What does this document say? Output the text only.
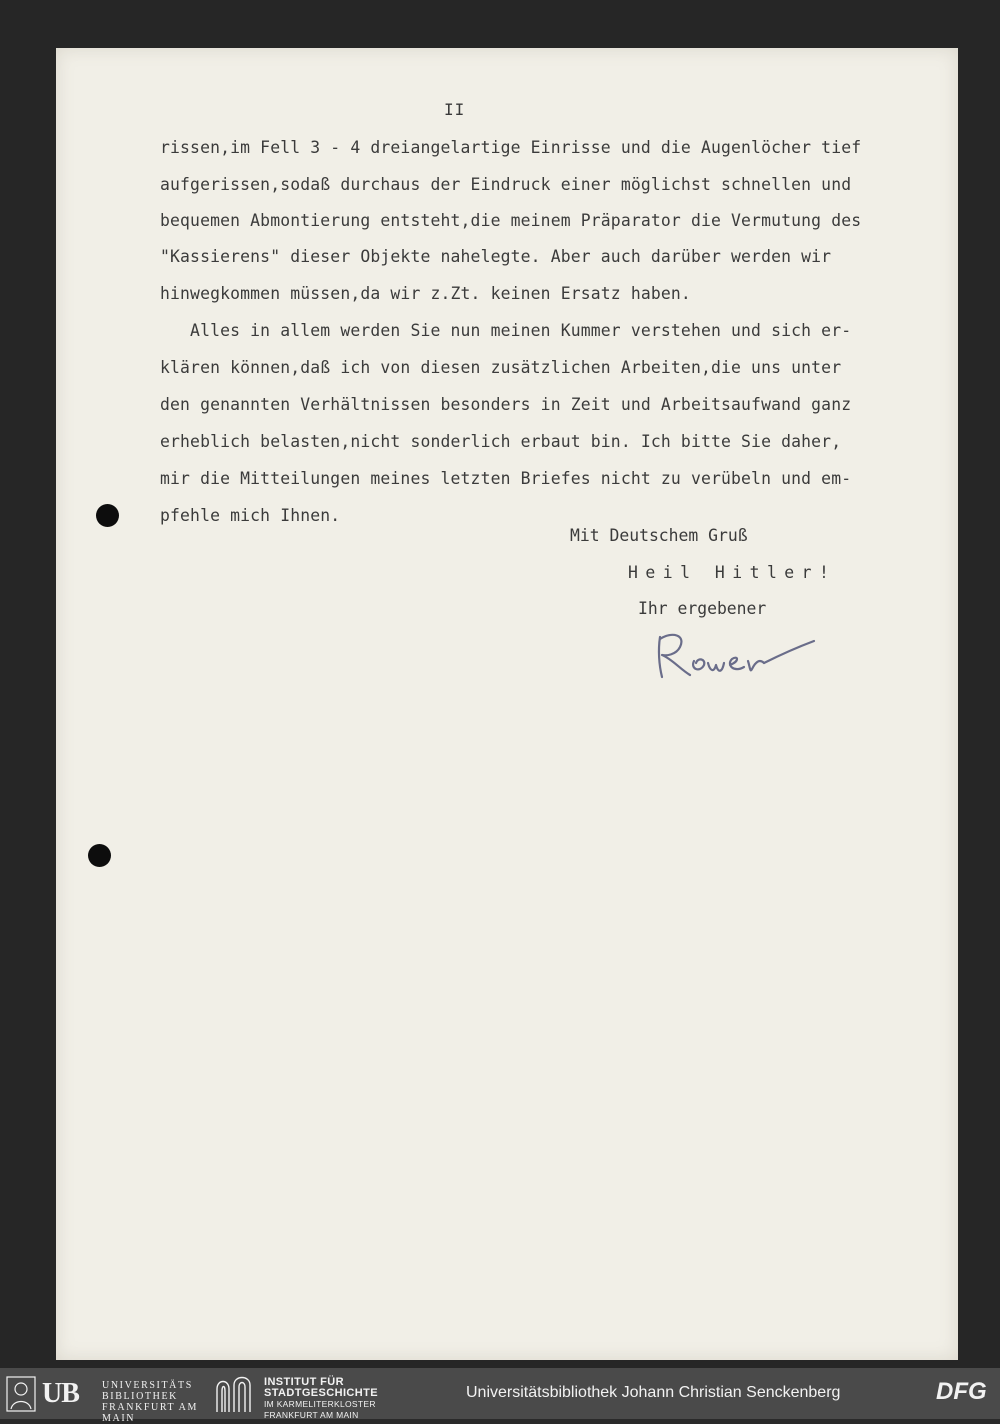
II
rissen,im Fell 3 - 4 dreiangelartige Einrisse und die Augenlöcher tief
aufgerissen,sodaß durchaus der Eindruck einer möglichst schnellen und
bequemen Abmontierung entsteht,die meinem Präparator die Vermutung des
"Kassierens" dieser Objekte nahelegte. Aber auch darüber werden wir
hinwegkommen müssen,da wir z.Zt. keinen Ersatz haben.
Alles in allem werden Sie nun meinen Kummer verstehen und sich er-
klären können,daß ich von diesen zusätzlichen Arbeiten,die uns unter
den genannten Verhältnissen besonders in Zeit und Arbeitsaufwand ganz
erheblich belasten,nicht sonderlich erbaut bin. Ich bitte Sie daher,
mir die Mitteilungen meines letzten Briefes nicht zu verübeln und em-
pfehle mich Ihnen.
Mit Deutschem Gruß
Heil Hitler!
Ihr ergebener
UB UNIVERSITÄTS
BIBLIOTHEK
FRANKFURT AM MAIN
INSTITUT FÜR
STADTGESCHICHTE
IM KARMELITERKLOSTER
FRANKFURT AM MAIN
Universitätsbibliothek Johann Christian Senckenberg	DFG
